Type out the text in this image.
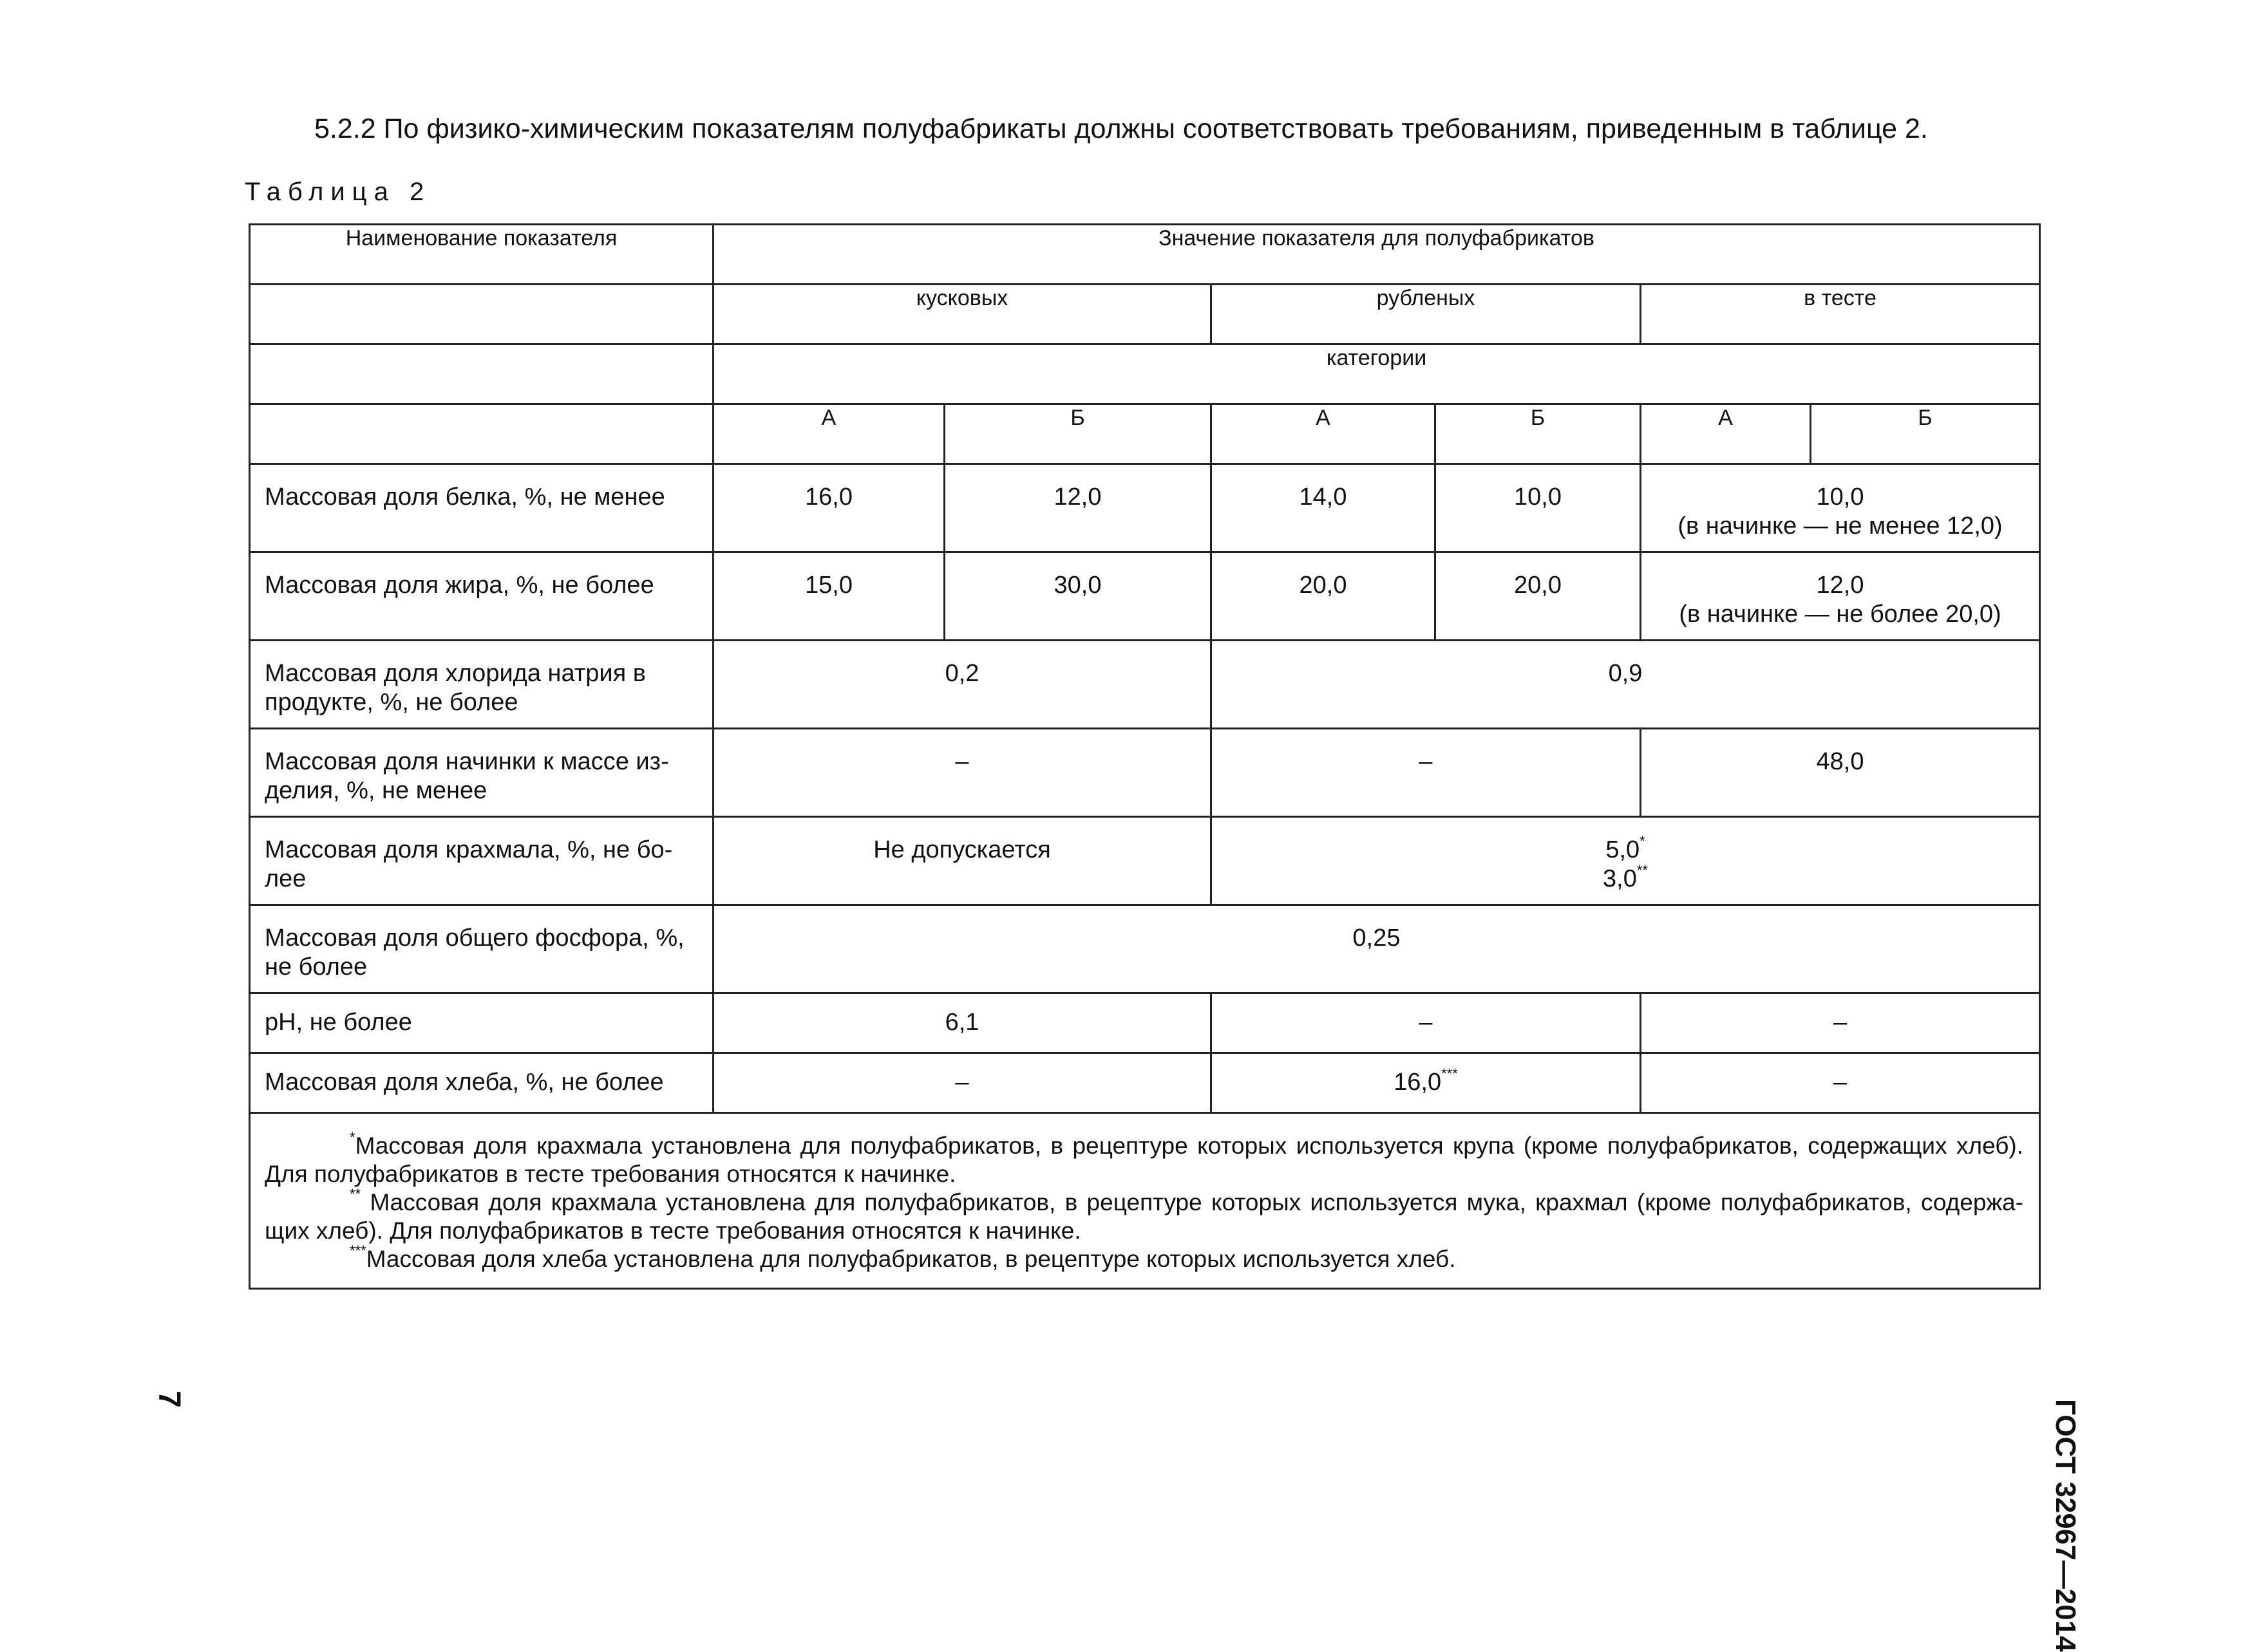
5.2.2 По физико-химическим показателям полуфабрикаты должны соответствовать требованиям, приведенным в таблице 2.
Таблица 2
Наименование показателя	Значение показателя для полуфабрикатов					
	кусковых		рубленых		в тесте	
	категории					
	А	Б	А	Б	А	Б
Массовая доля белка, %, не менее	16,0	12,0	14,0	10,0	10,0
(в начинке — не менее 12,0)	

Массовая доля жира, %, не более	15,0	30,0	20,0	20,0	12,0
(в начинке — не более 20,0)	

Массовая доля хлорида натрия в продукте, %, не более	0,2		0,9			
Массовая доля начинки к массе из-делия, %, не менее	–		–		48,0	
Массовая доля крахмала, %, не бо-лее	Не допускается		5,0*
3,0**

Массовая доля общего фосфора, %, не более	0,25					
pH, не более	6,1		–		–	
Массовая доля хлеба, %, не более	–		16,0***		–	

*Массовая доля крахмала установлена для полуфабрикатов, в рецептуре которых используется крупа (кроме полуфабрикатов, содержащих хлеб). Для полуфабрикатов в тесте требования относятся к начинке.

** Массовая доля крахмала установлена для полуфабрикатов, в рецептуре которых используется мука, крахмал (кроме полуфабрикатов, содержа-щих хлеб). Для полуфабрикатов в тесте требования относятся к начинке.

***Массовая доля хлеба установлена для полуфабрикатов, в рецептуре которых используется хлеб.						

ГОСТ 32967—2014
7
